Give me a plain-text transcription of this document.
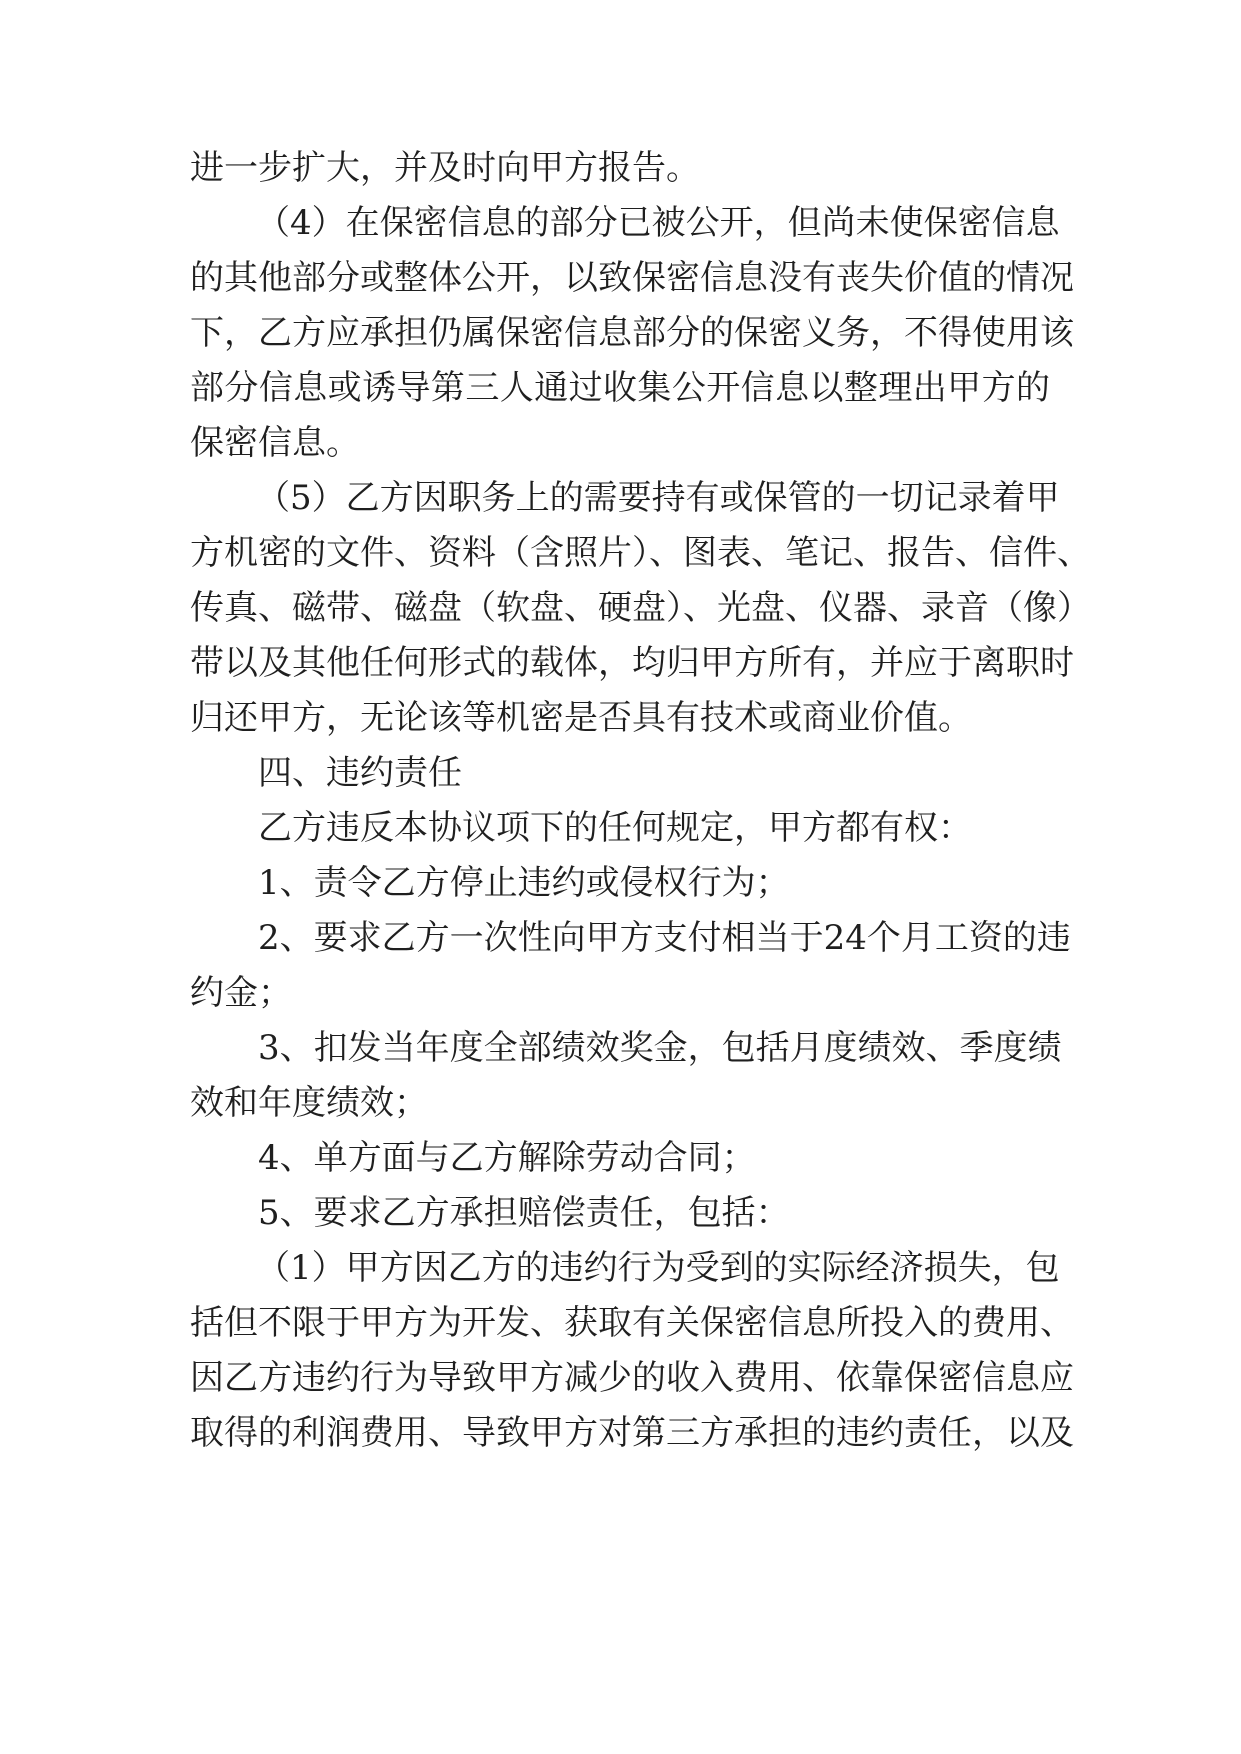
进一步扩大，并及时向甲方报告。

（4）在保密信息的部分已被公开，但尚未使保密信息

的其他部分或整体公开，以致保密信息没有丧失价值的情况

下，乙方应承担仍属保密信息部分的保密义务，不得使用该

部分信息或诱导第三人通过收集公开信息以整理出甲方的

保密信息。

（5）乙方因职务上的需要持有或保管的一切记录着甲

方机密的文件、资料（含照片）、图表、笔记、报告、信件、

传真、磁带、磁盘（软盘、硬盘）、光盘、仪器、录音（像）

带以及其他任何形式的载体，均归甲方所有，并应于离职时

归还甲方，无论该等机密是否具有技术或商业价值。

四、违约责任

乙方违反本协议项下的任何规定，甲方都有权：

1、责令乙方停止违约或侵权行为；

2、要求乙方一次性向甲方支付相当于24个月工资的违

约金；

3、扣发当年度全部绩效奖金，包括月度绩效、季度绩

效和年度绩效；

4、单方面与乙方解除劳动合同；

5、要求乙方承担赔偿责任，包括：

（1）甲方因乙方的违约行为受到的实际经济损失，包

括但不限于甲方为开发、获取有关保密信息所投入的费用、

因乙方违约行为导致甲方减少的收入费用、依靠保密信息应

取得的利润费用、导致甲方对第三方承担的违约责任，以及
